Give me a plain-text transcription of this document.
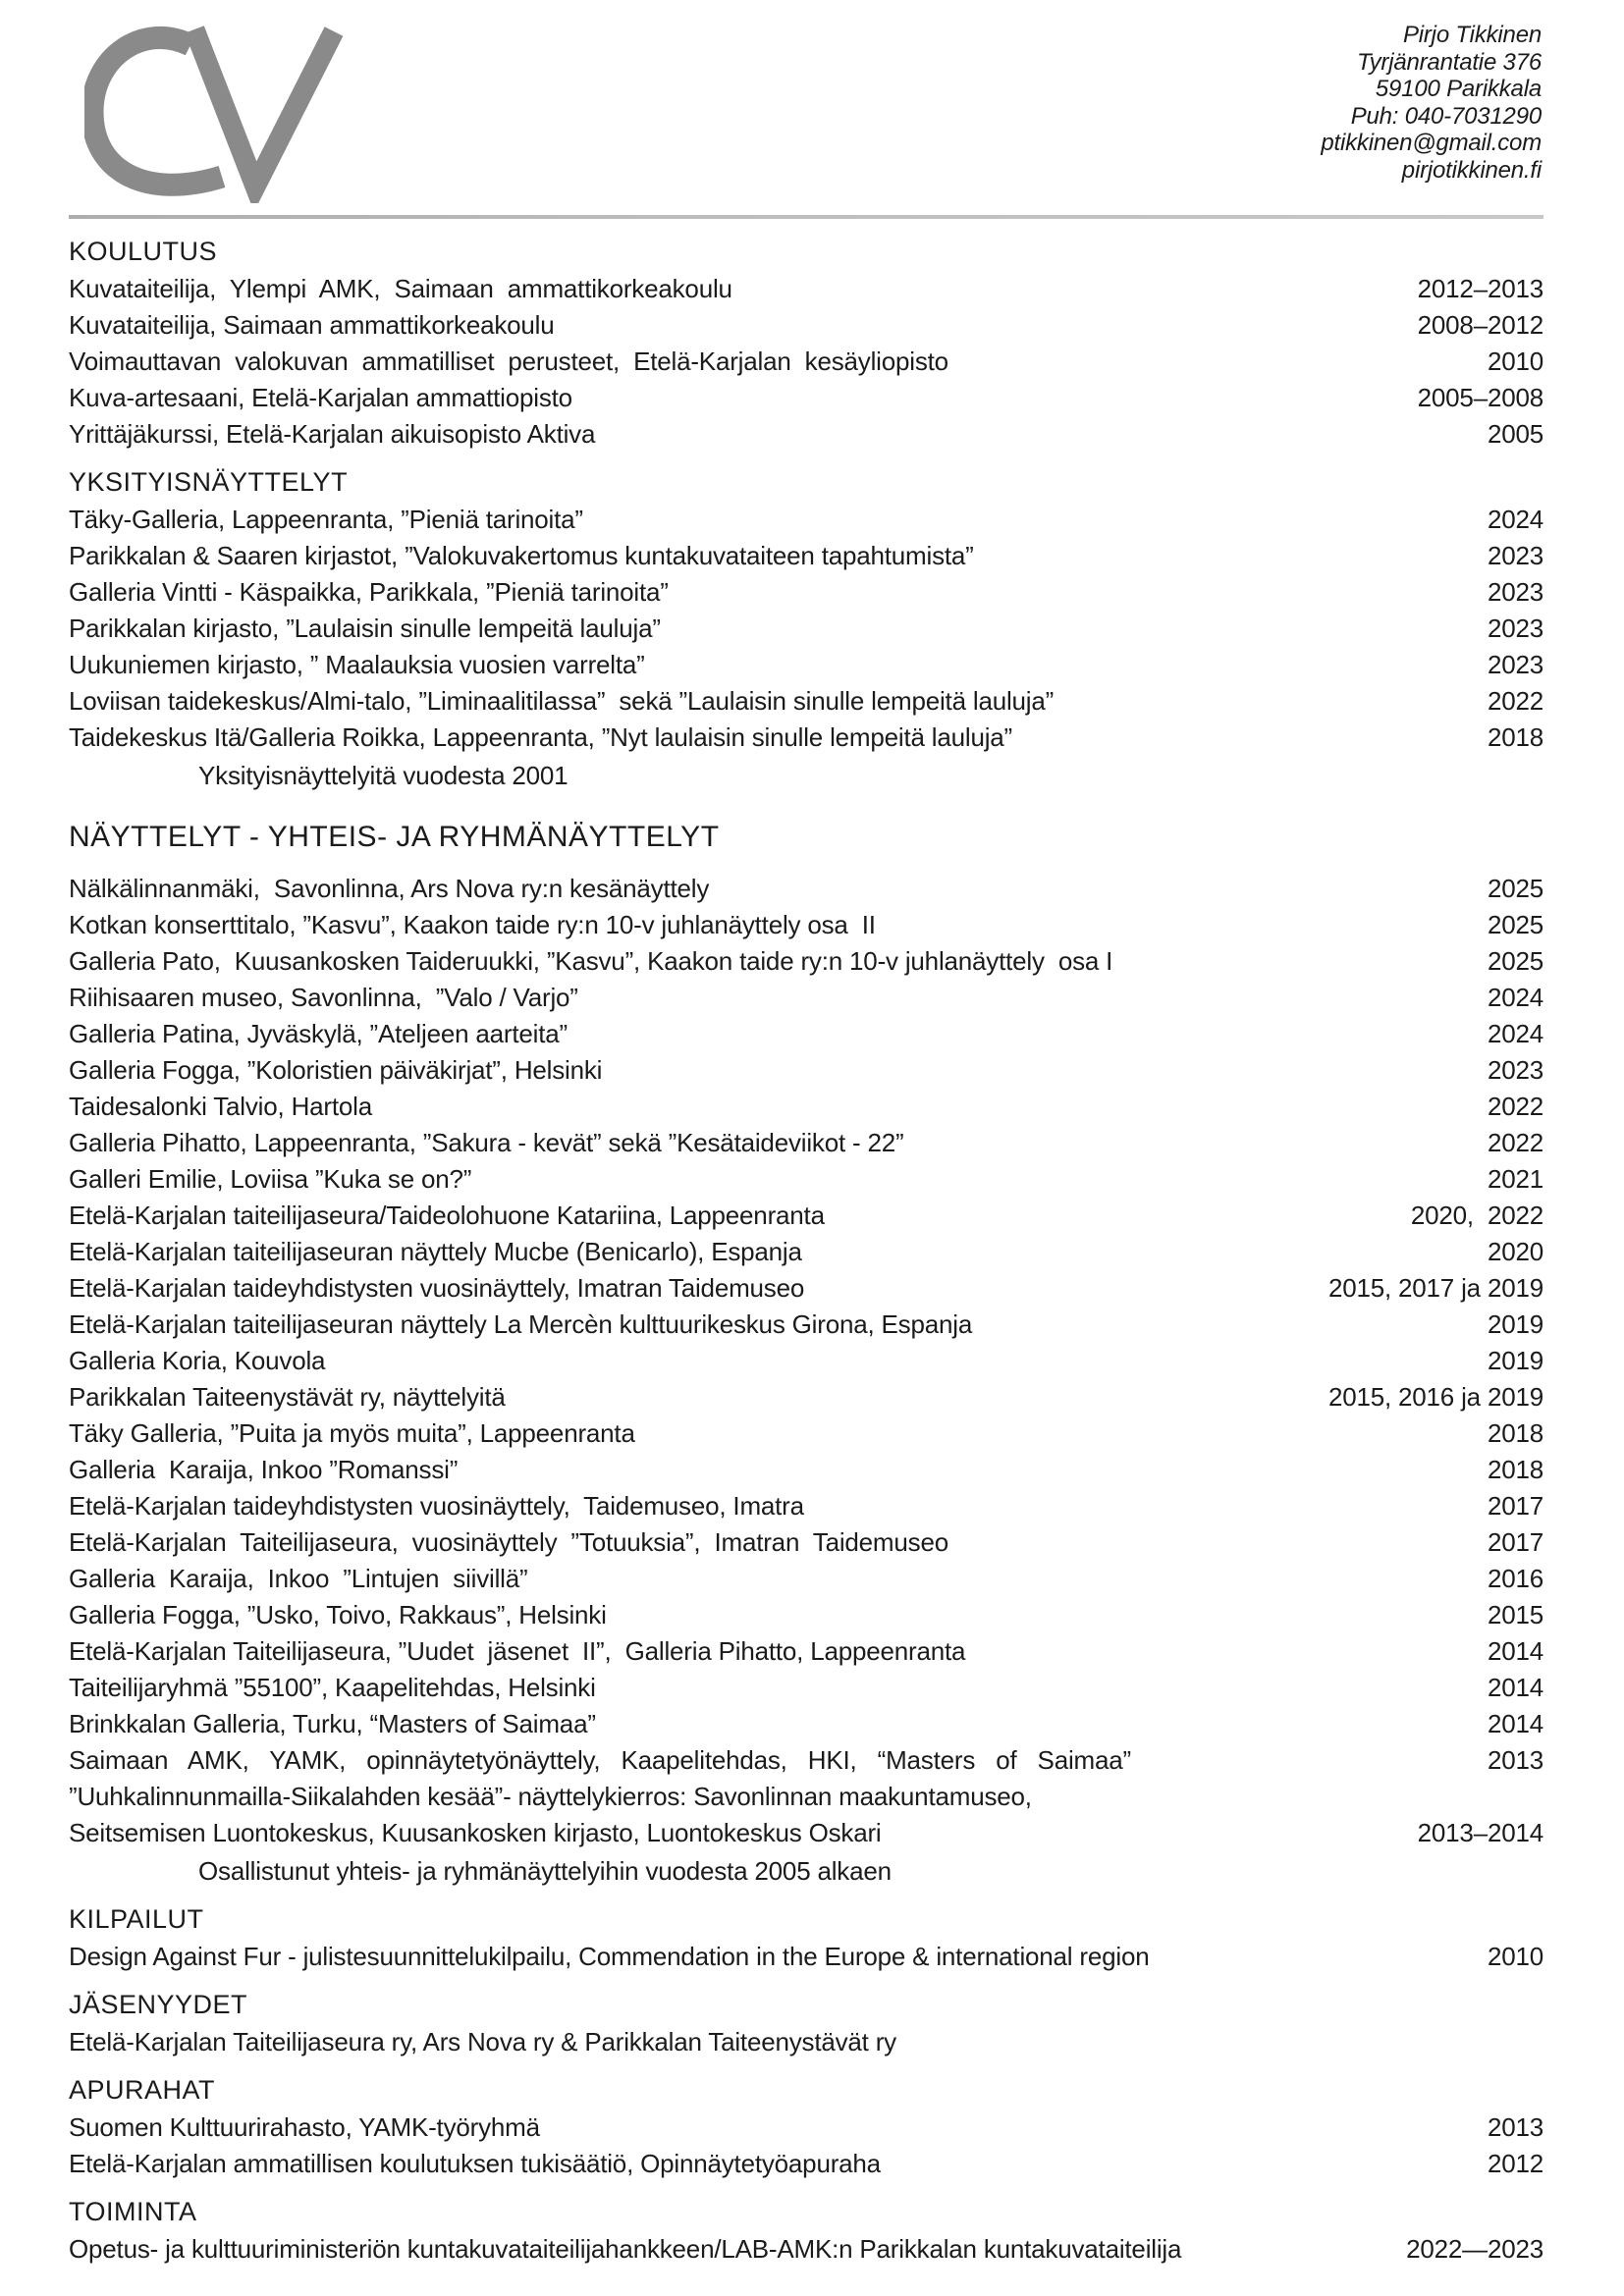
Pirjo Tikkinen
Tyrjänrantatie 376
59100 Parikkala
Puh: 040-7031290
ptikkinen@gmail.com
pirjotikkinen.fi
KOULUTUS
Kuvataiteilija,  Ylempi  AMK,  Saimaan  ammattikorkeakoulu	2012–2013
Kuvataiteilija, Saimaan ammattikorkeakoulu	2008–2012
Voimauttavan  valokuvan  ammatilliset  perusteet,  Etelä-Karjalan  kesäyliopisto	2010
Kuva-artesaani, Etelä-Karjalan ammattiopisto	2005–2008
Yrittäjäkurssi, Etelä-Karjalan aikuisopisto Aktiva	2005
YKSITYISNÄYTTELYT
Täky-Galleria, Lappeenranta, ”Pieniä tarinoita”	2024
Parikkalan & Saaren kirjastot, ”Valokuvakertomus kuntakuvataiteen tapahtumista”	2023
Galleria Vintti - Käspaikka, Parikkala, ”Pieniä tarinoita”	2023
Parikkalan kirjasto, ”Laulaisin sinulle lempeitä lauluja”	2023
Uukuniemen kirjasto, ” Maalauksia vuosien varrelta”	2023
Loviisan taidekeskus/Almi-talo, ”Liminaalitilassa”  sekä ”Laulaisin sinulle lempeitä lauluja”	2022
Taidekeskus Itä/Galleria Roikka, Lappeenranta, ”Nyt laulaisin sinulle lempeitä lauluja”	2018
Yksityisnäyttelyitä vuodesta 2001
NÄYTTELYT - YHTEIS- JA RYHMÄNÄYTTELYT
Nälkälinnanmäki,  Savonlinna, Ars Nova ry:n kesänäyttely	2025
Kotkan konserttitalo, ”Kasvu”, Kaakon taide ry:n 10-v juhlanäyttely osa  II	2025
Galleria Pato,  Kuusankosken Taideruukki, ”Kasvu”, Kaakon taide ry:n 10-v juhlanäyttely  osa I	2025
Riihisaaren museo, Savonlinna,  ”Valo / Varjo”	2024
Galleria Patina, Jyväskylä, ”Ateljeen aarteita”	2024
Galleria Fogga, ”Koloristien päiväkirjat”, Helsinki	2023
Taidesalonki Talvio, Hartola	2022
Galleria Pihatto, Lappeenranta, ”Sakura - kevät” sekä ”Kesätaideviikot - 22”	2022
Galleri Emilie, Loviisa ”Kuka se on?”	2021
Etelä-Karjalan taiteilijaseura/Taideolohuone Katariina, Lappeenranta	2020,  2022
Etelä-Karjalan taiteilijaseuran näyttely Mucbe (Benicarlo), Espanja	2020
Etelä-Karjalan taideyhdistysten vuosinäyttely, Imatran Taidemuseo	2015, 2017 ja 2019
Etelä-Karjalan taiteilijaseuran näyttely La Mercèn kulttuurikeskus Girona, Espanja	2019
Galleria Koria, Kouvola	2019
Parikkalan Taiteenystävät ry, näyttelyitä	2015, 2016 ja 2019
Täky Galleria, ”Puita ja myös muita”, Lappeenranta	2018
Galleria  Karaija, Inkoo ”Romanssi”	2018
Etelä-Karjalan taideyhdistysten vuosinäyttely,  Taidemuseo, Imatra	2017
Etelä-Karjalan  Taiteilijaseura,  vuosinäyttely  ”Totuuksia”,  Imatran  Taidemuseo	2017
Galleria  Karaija,  Inkoo  ”Lintujen  siivillä”	2016
Galleria Fogga, ”Usko, Toivo, Rakkaus”, Helsinki	2015
Etelä-Karjalan Taiteilijaseura, ”Uudet  jäsenet  II”,  Galleria Pihatto, Lappeenranta	2014
Taiteilijaryhmä ”55100”, Kaapelitehdas, Helsinki	2014
Brinkkalan Galleria, Turku, “Masters of Saimaa”	2014
Saimaan   AMK,   YAMK,   opinnäytetyönäyttely,   Kaapelitehdas,   HKI,   “Masters   of   Saimaa”	2013
”Uuhkalinnunmailla-Siikalahden kesää”- näyttelykierros: Savonlinnan maakuntamuseo,
Seitsemisen Luontokeskus, Kuusankosken kirjasto, Luontokeskus Oskari	2013–2014
Osallistunut yhteis- ja ryhmänäyttelyihin vuodesta 2005 alkaen
KILPAILUT
Design Against Fur - julistesuunnittelukilpailu, Commendation in the Europe & international region	2010
JÄSENYYDET
Etelä-Karjalan Taiteilijaseura ry, Ars Nova ry & Parikkalan Taiteenystävät ry
APURAHAT
Suomen Kulttuurirahasto, YAMK-työryhmä	2013
Etelä-Karjalan ammatillisen koulutuksen tukisäätiö, Opinnäytetyöapuraha	2012
TOIMINTA
Opetus- ja kulttuuriministeriön kuntakuvataiteilijahankkeen/LAB-AMK:n Parikkalan kuntakuvataiteilija	2022—2023
